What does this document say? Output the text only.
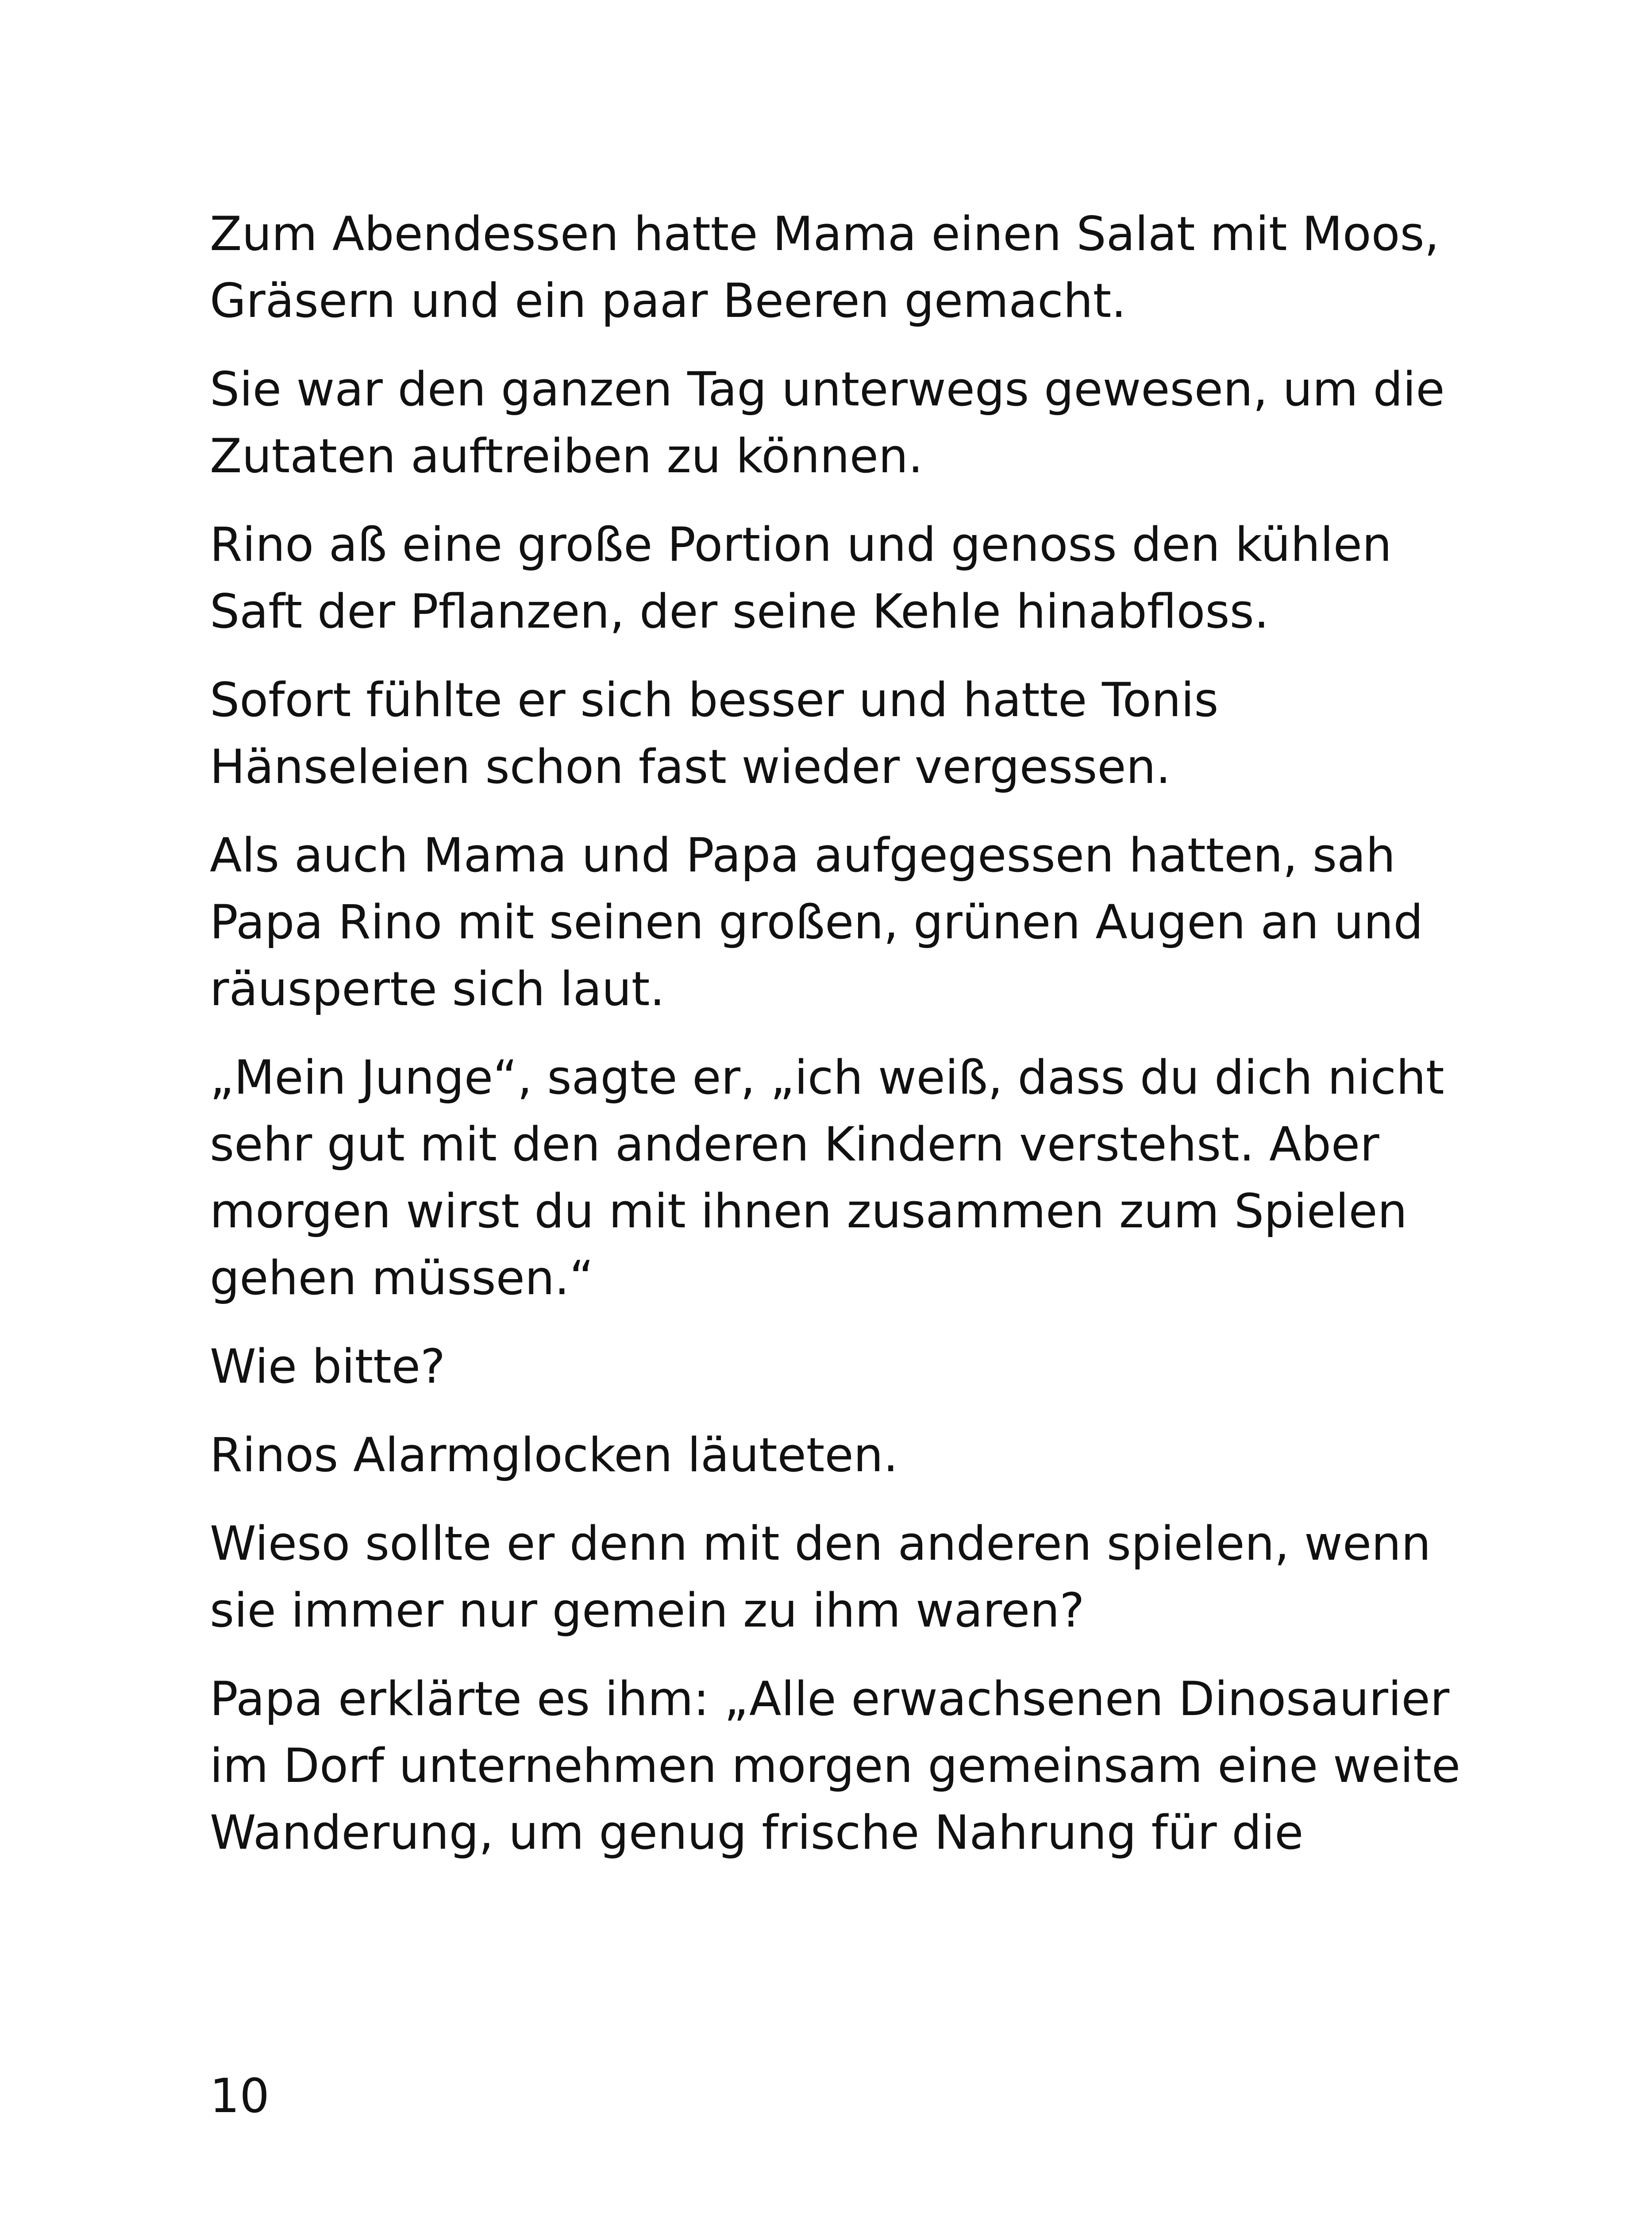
Zum Abendessen hatte Mama einen Salat mit Moos,
Gräsern und ein paar Beeren gemacht.

Sie war den ganzen Tag unterwegs gewesen, um die
Zutaten auftreiben zu können.

Rino aß eine große Portion und genoss den kühlen
Saft der Pflanzen, der seine Kehle hinabfloss.

Sofort fühlte er sich besser und hatte Tonis
Hänseleien schon fast wieder vergessen.

Als auch Mama und Papa aufgegessen hatten, sah
Papa Rino mit seinen großen, grünen Augen an und
räusperte sich laut.

„Mein Junge“, sagte er, „ich weiß, dass du dich nicht
sehr gut mit den anderen Kindern verstehst. Aber
morgen wirst du mit ihnen zusammen zum Spielen
gehen müssen.“

Wie bitte?

Rinos Alarmglocken läuteten.

Wieso sollte er denn mit den anderen spielen, wenn
sie immer nur gemein zu ihm waren?

Papa erklärte es ihm: „Alle erwachsenen Dinosaurier
im Dorf unternehmen morgen gemeinsam eine weite
Wanderung, um genug frische Nahrung für die

10
